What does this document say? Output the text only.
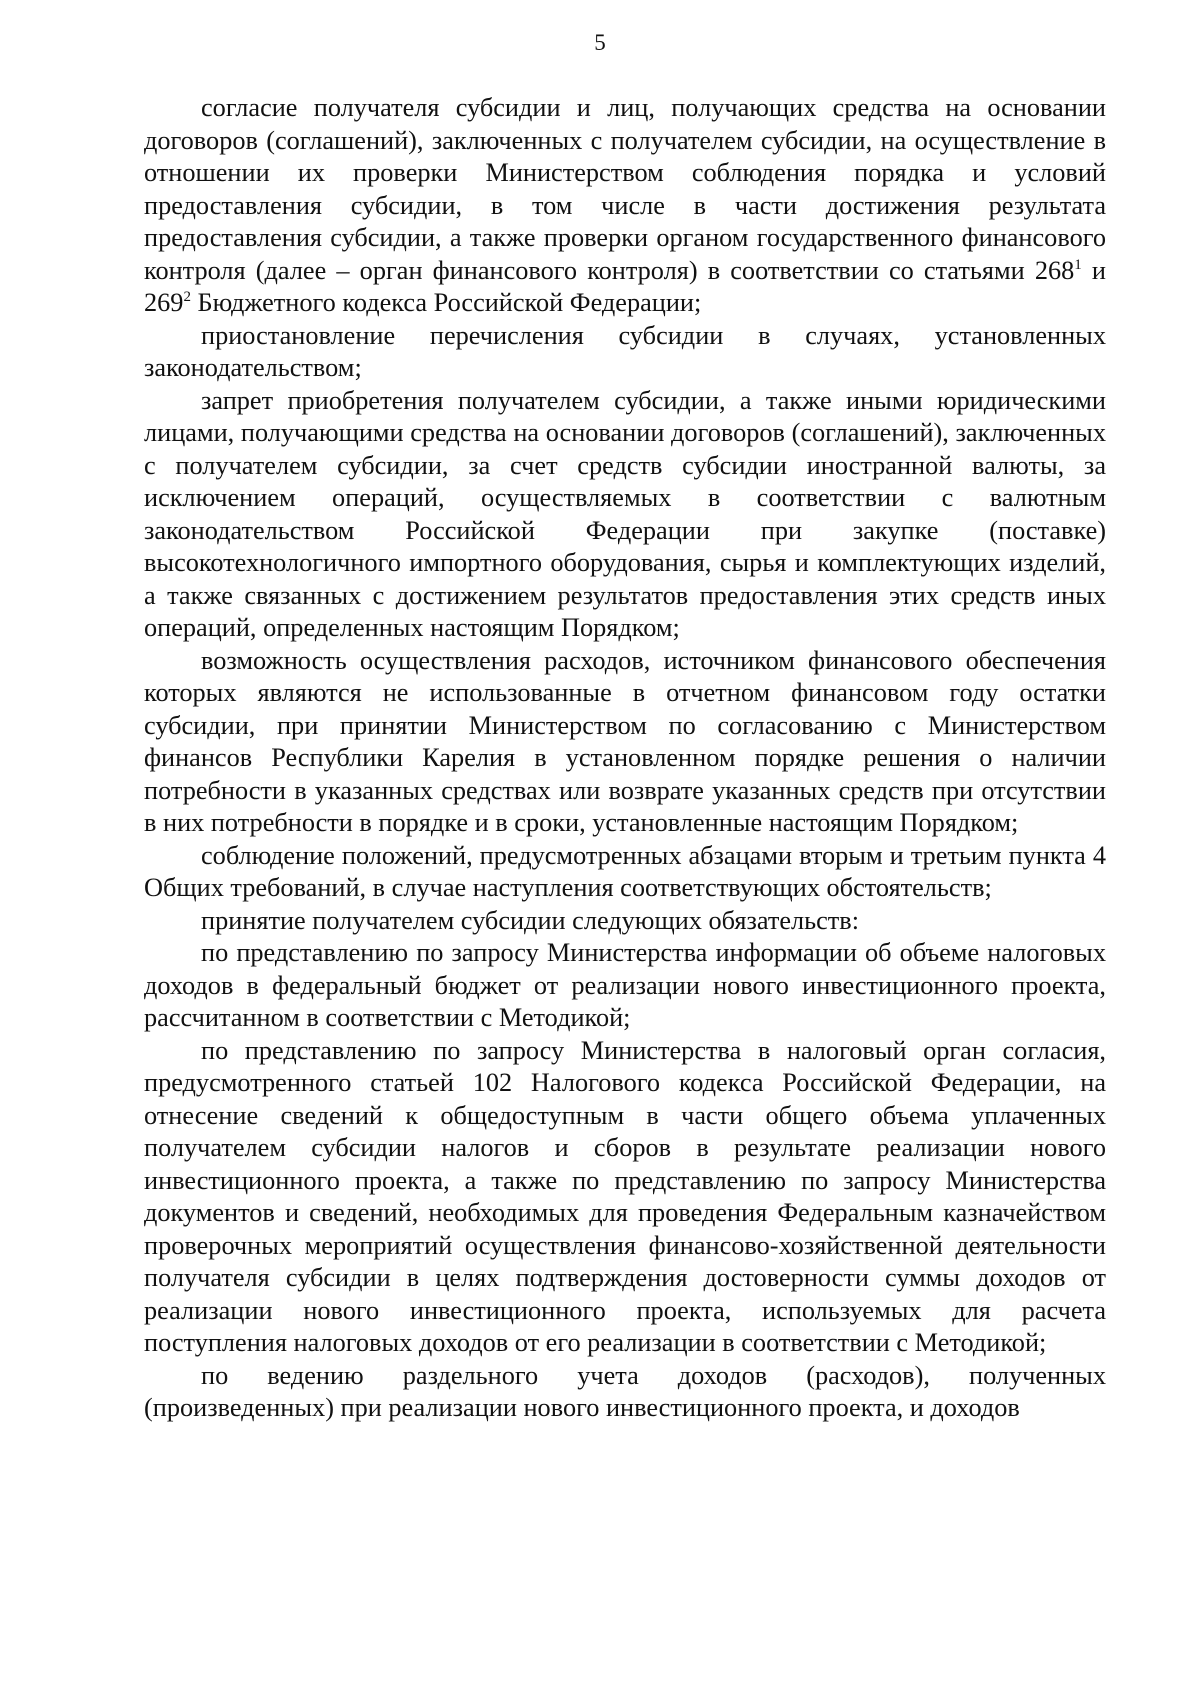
5

согласие получателя субсидии и лиц, получающих средства на основании договоров (соглашений), заключенных с получателем субсидии, на осуществление в отношении их проверки Министерством соблюдения порядка и условий предоставления субсидии, в том числе в части достижения результата предоставления субсидии, а также проверки органом государственного финансового контроля (далее – орган финансового контроля) в соответствии со статьями $268^1$ и $269^2$ Бюджетного кодекса Российской Федерации;

приостановление перечисления субсидии в случаях, установленных законодательством;

запрет приобретения получателем субсидии, а также иными юридическими лицами, получающими средства на основании договоров (соглашений), заключенных с получателем субсидии, за счет средств субсидии иностранной валюты, за исключением операций, осуществляемых в соответствии с валютным законодательством Российской Федерации при закупке (поставке) высокотехнологичного импортного оборудования, сырья и комплектующих изделий, а также связанных с достижением результатов предоставления этих средств иных операций, определенных настоящим Порядком;

возможность осуществления расходов, источником финансового обеспечения которых являются не использованные в отчетном финансовом году остатки субсидии, при принятии Министерством по согласованию с Министерством финансов Республики Карелия в установленном порядке решения о наличии потребности в указанных средствах или возврате указанных средств при отсутствии в них потребности в порядке и в сроки, установленные настоящим Порядком;

соблюдение положений, предусмотренных абзацами вторым и третьим пункта 4 Общих требований, в случае наступления соответствующих обстоятельств;

принятие получателем субсидии следующих обязательств:

по представлению по запросу Министерства информации об объеме налоговых доходов в федеральный бюджет от реализации нового инвестиционного проекта, рассчитанном в соответствии с Методикой;

по представлению по запросу Министерства в налоговый орган согласия, предусмотренного статьей 102 Налогового кодекса Российской Федерации, на отнесение сведений к общедоступным в части общего объема уплаченных получателем субсидии налогов и сборов в результате реализации нового инвестиционного проекта, а также по представлению по запросу Министерства документов и сведений, необходимых для проведения Федеральным казначейством проверочных мероприятий осуществления финансово-хозяйственной деятельности получателя субсидии в целях подтверждения достоверности суммы доходов от реализации нового инвестиционного проекта, используемых для расчета поступления налоговых доходов от его реализации в соответствии с Методикой;

по ведению раздельного учета доходов (расходов), полученных (произведенных) при реализации нового инвестиционного проекта, и доходов
